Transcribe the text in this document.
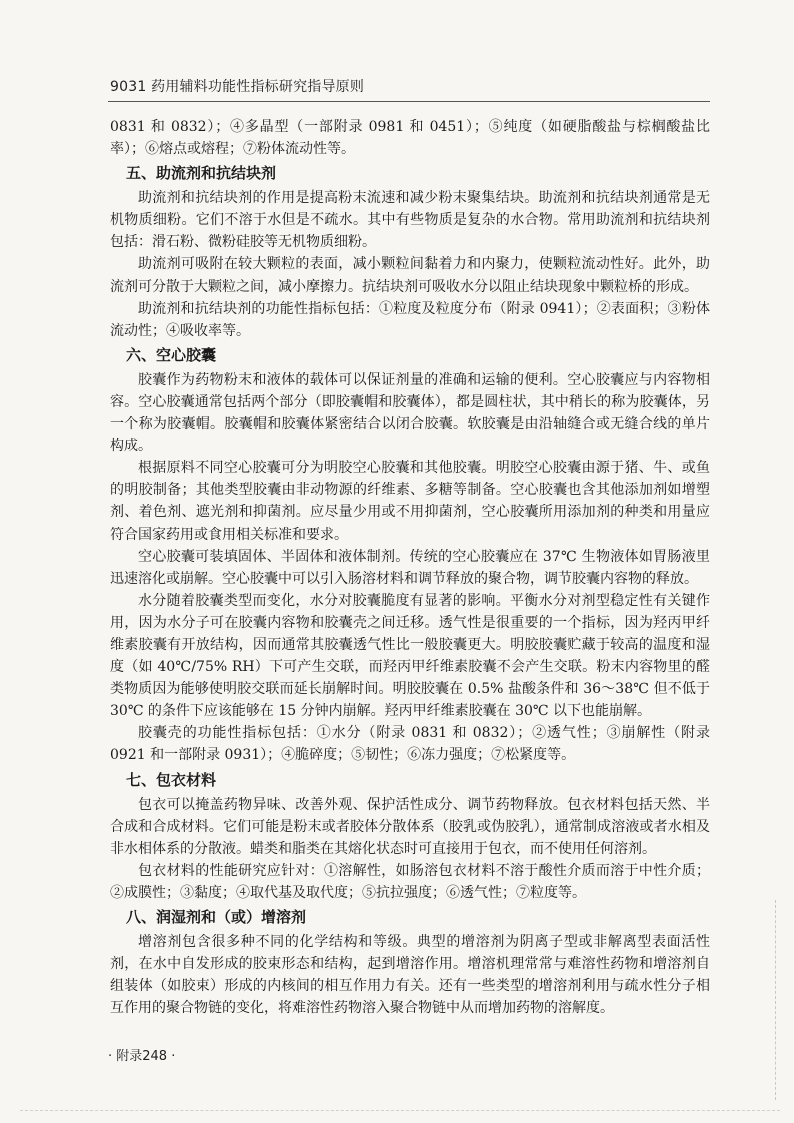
9031 药用辅料功能性指标研究指导原则

0831 和 0832）；④多晶型（一部附录 0981 和 0451）；⑤纯度（如硬脂酸盐与棕榈酸盐比率）；⑥熔点或熔程；⑦粉体流动性等。

五、助流剂和抗结块剂

助流剂和抗结块剂的作用是提高粉末流速和减少粉末聚集结块。助流剂和抗结块剂通常是无机物质细粉。它们不溶于水但是不疏水。其中有些物质是复杂的水合物。常用助流剂和抗结块剂包括：滑石粉、微粉硅胶等无机物质细粉。

助流剂可吸附在较大颗粒的表面，减小颗粒间黏着力和内聚力，使颗粒流动性好。此外，助流剂可分散于大颗粒之间，减小摩擦力。抗结块剂可吸收水分以阻止结块现象中颗粒桥的形成。

助流剂和抗结块剂的功能性指标包括：①粒度及粒度分布（附录 0941）；②表面积；③粉体流动性；④吸收率等。

六、空心胶囊

胶囊作为药物粉末和液体的载体可以保证剂量的准确和运输的便利。空心胶囊应与内容物相容。空心胶囊通常包括两个部分（即胶囊帽和胶囊体），都是圆柱状，其中稍长的称为胶囊体，另一个称为胶囊帽。胶囊帽和胶囊体紧密结合以闭合胶囊。软胶囊是由沿轴缝合或无缝合线的单片构成。

根据原料不同空心胶囊可分为明胶空心胶囊和其他胶囊。明胶空心胶囊由源于猪、牛、或鱼的明胶制备；其他类型胶囊由非动物源的纤维素、多糖等制备。空心胶囊也含其他添加剂如增塑剂、着色剂、遮光剂和抑菌剂。应尽量少用或不用抑菌剂，空心胶囊所用添加剂的种类和用量应符合国家药用或食用相关标准和要求。

空心胶囊可装填固体、半固体和液体制剂。传统的空心胶囊应在 37℃ 生物液体如胃肠液里迅速溶化或崩解。空心胶囊中可以引入肠溶材料和调节释放的聚合物，调节胶囊内容物的释放。

水分随着胶囊类型而变化，水分对胶囊脆度有显著的影响。平衡水分对剂型稳定性有关键作用，因为水分子可在胶囊内容物和胶囊壳之间迁移。透气性是很重要的一个指标，因为羟丙甲纤维素胶囊有开放结构，因而通常其胶囊透气性比一般胶囊更大。明胶胶囊贮藏于较高的温度和湿度（如 40℃/75% RH）下可产生交联，而羟丙甲纤维素胶囊不会产生交联。粉末内容物里的醛类物质因为能够使明胶交联而延长崩解时间。明胶胶囊在 0.5% 盐酸条件和 36～38℃ 但不低于 30℃ 的条件下应该能够在 15 分钟内崩解。羟丙甲纤维素胶囊在 30℃ 以下也能崩解。

胶囊壳的功能性指标包括：①水分（附录 0831 和 0832）；②透气性；③崩解性（附录 0921 和一部附录 0931）；④脆碎度；⑤韧性；⑥冻力强度；⑦松紧度等。

七、包衣材料

包衣可以掩盖药物异味、改善外观、保护活性成分、调节药物释放。包衣材料包括天然、半合成和合成材料。它们可能是粉末或者胶体分散体系（胶乳或伪胶乳），通常制成溶液或者水相及非水相体系的分散液。蜡类和脂类在其熔化状态时可直接用于包衣，而不使用任何溶剂。

包衣材料的性能研究应针对：①溶解性，如肠溶包衣材料不溶于酸性介质而溶于中性介质；②成膜性；③黏度；④取代基及取代度；⑤抗拉强度；⑥透气性；⑦粒度等。

八、润湿剂和（或）增溶剂

增溶剂包含很多种不同的化学结构和等级。典型的增溶剂为阴离子型或非解离型表面活性剂，在水中自发形成的胶束形态和结构，起到增溶作用。增溶机理常常与难溶性药物和增溶剂自组装体（如胶束）形成的内核间的相互作用力有关。还有一些类型的增溶剂利用与疏水性分子相互作用的聚合物链的变化，将难溶性药物溶入聚合物链中从而增加药物的溶解度。

· 附录248 ·
